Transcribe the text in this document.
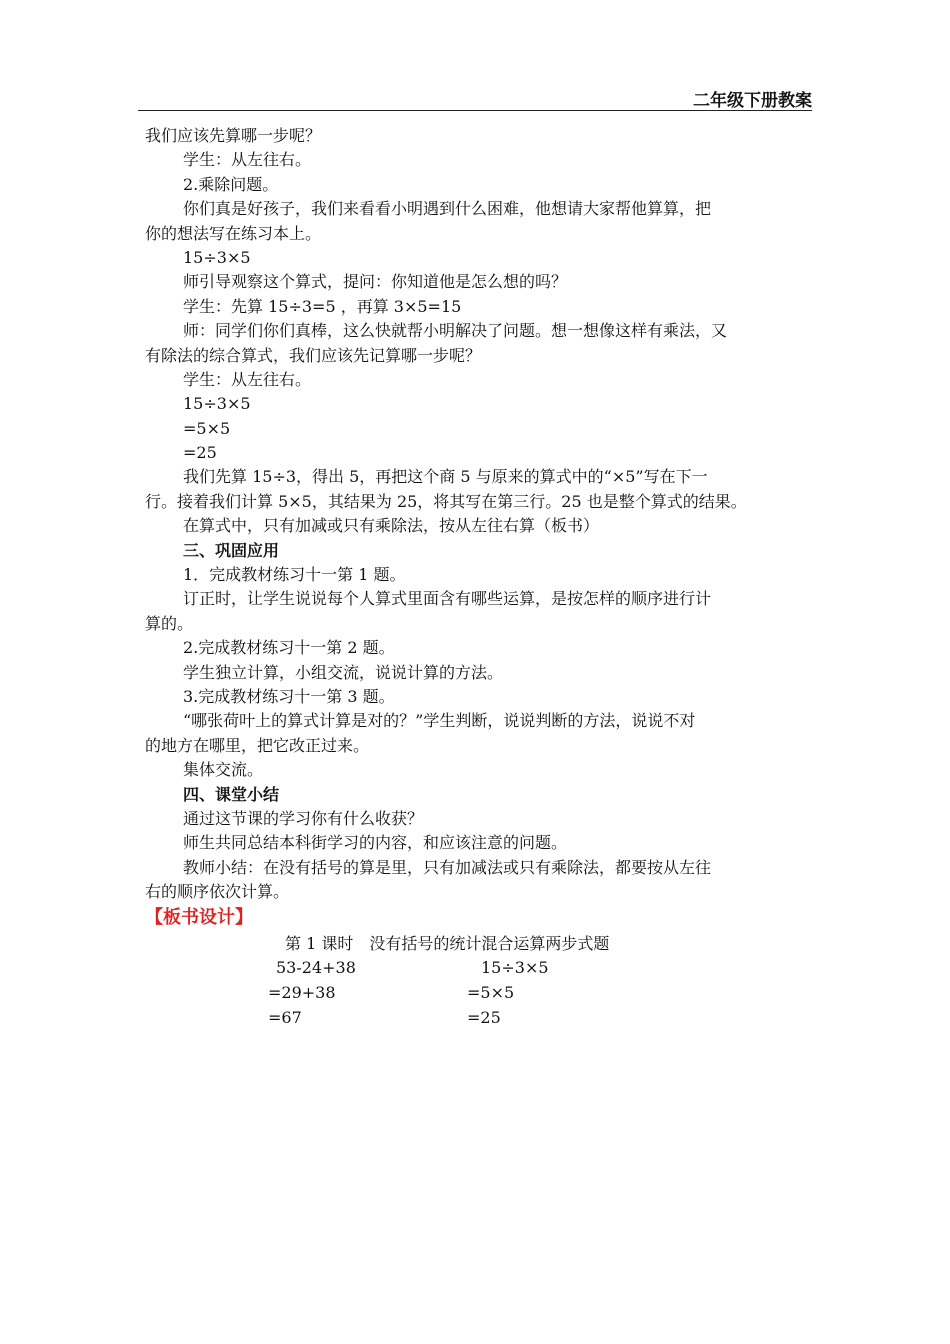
二年级下册教案
我们应该先算哪一步呢？
学生：从左往右。
2.乘除问题。
你们真是好孩子，我们来看看小明遇到什么困难，他想请大家帮他算算，把
你的想法写在练习本上。
15÷3×5
师引导观察这个算式，提问：你知道他是怎么想的吗？
学生：先算 15÷3=5 ，再算 3×5=15
师：同学们你们真棒，这么快就帮小明解决了问题。想一想像这样有乘法，又
有除法的综合算式，我们应该先记算哪一步呢？
学生：从左往右。
15÷3×5
=5×5
=25
我们先算 15÷3，得出 5，再把这个商 5 与原来的算式中的“×5”写在下一
行。接着我们计算 5×5，其结果为 25，将其写在第三行。25 也是整个算式的结果。
在算式中，只有加减或只有乘除法，按从左往右算（板书）
三、巩固应用
1．完成教材练习十一第 1 题。
订正时，让学生说说每个人算式里面含有哪些运算，是按怎样的顺序进行计
算的。
2.完成教材练习十一第 2 题。
学生独立计算，小组交流，说说计算的方法。
3.完成教材练习十一第 3 题。
“哪张荷叶上的算式计算是对的？”学生判断，说说判断的方法，说说不对
的地方在哪里，把它改正过来。
集体交流。
四、课堂小结
通过这节课的学习你有什么收获？
师生共同总结本科街学习的内容，和应该注意的问题。
教师小结：在没有括号的算是里，只有加减法或只有乘除法，都要按从左往
右的顺序依次计算。
【板书设计】
第 1 课时　没有括号的统计混合运算两步式题
53-24+38
=29+38
=67
15÷3×5
=5×5
=25
